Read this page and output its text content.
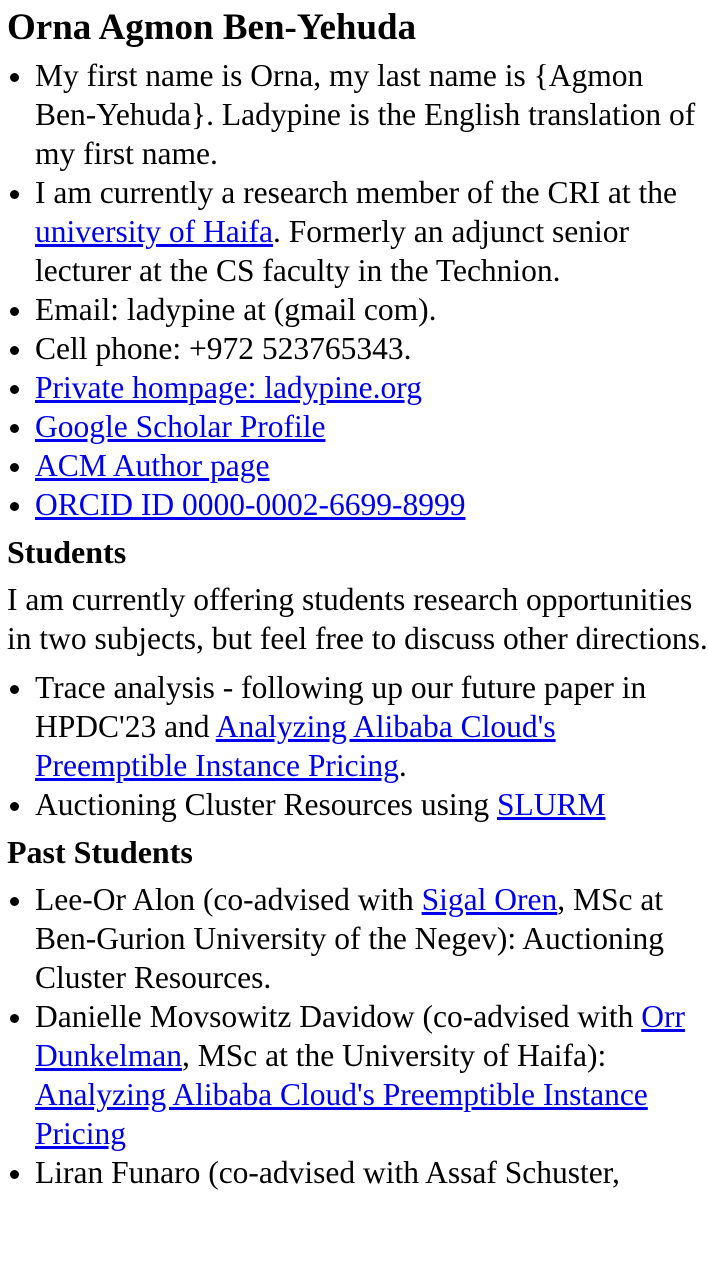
Orna Agmon Ben-Yehuda
• My first name is Orna, my last name is {Agmon Ben-Yehuda}. Ladypine is the English translation of my first name.
• I am currently a research member of the CRI at the university of Haifa. Formerly an adjunct senior lecturer at the CS faculty in the Technion.
• Email: ladypine at (gmail com).
• Cell phone: +972 523765343.
• Private hompage: ladypine.org
• Google Scholar Profile
• ACM Author page
• ORCID ID 0000-0002-6699-8999
Students

I am currently offering students research opportunities in two subjects, but feel free to discuss other directions.

• Trace analysis - following up our future paper in HPDC'23 and Analyzing Alibaba Cloud's Preemptible Instance Pricing.
• Auctioning Cluster Resources using SLURM
Past Students
• Lee-Or Alon (co-advised with Sigal Oren, MSc at Ben-Gurion University of the Negev): Auctioning Cluster Resources.
• Danielle Movsowitz Davidow (co-advised with Orr Dunkelman, MSc at the University of Haifa): Analyzing Alibaba Cloud's Preemptible Instance Pricing
• Liran Funaro (co-advised with Assaf Schuster,
